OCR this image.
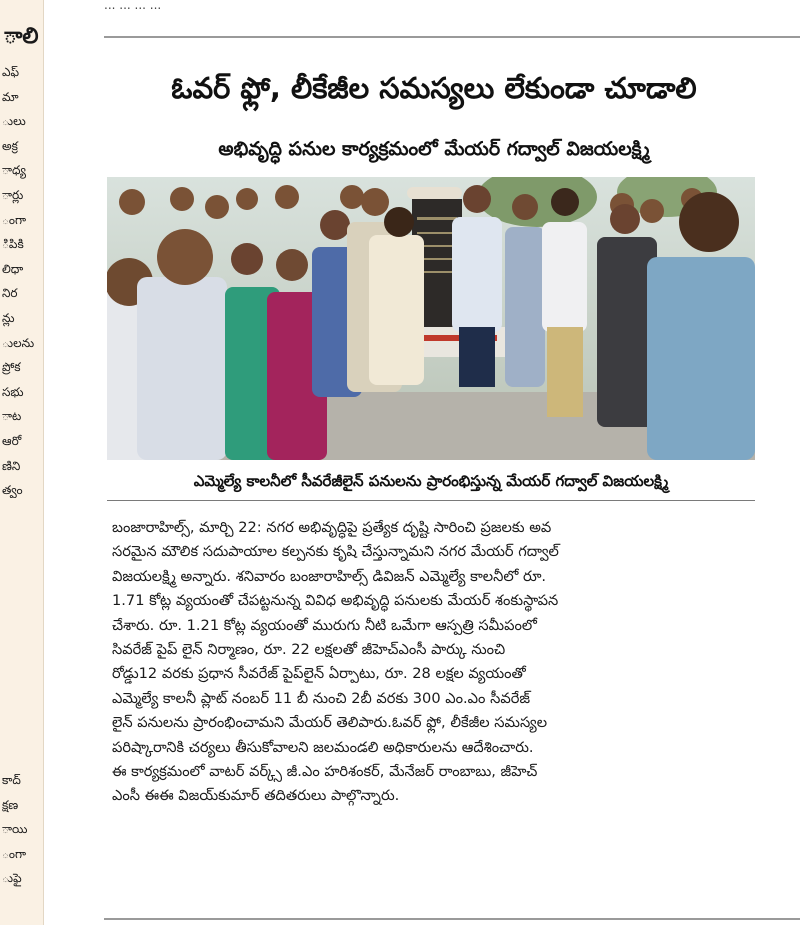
ాలి
ఎఫ్
మా
ులు
అక్ర
ాధ్య
ార్లు
ంగా
ిపికి
లిధా
నిర
న్లు
ులను
ప్రోక
సభు
ాట
ఆరో
ణిని
త్వం
కాద్
క్షణ
ాయి
ంగా
ుఫై
... ... ... ...
ఓవర్ ఫ్లో, లీకేజీల సమస్యలు లేకుండా చూడాలి
అభివృద్ధి పనుల కార్యక్రమంలో మేయర్ గద్వాల్ విజయలక్ష్మి
ఎమ్మెల్యే కాలనీలో సీవరేజీలైన్ పనులను ప్రారంభిస్తున్న మేయర్ గద్వాల్ విజయలక్ష్మి
బంజారాహిల్స్, మార్చి 22: నగర అభివృద్ధిపై ప్రత్యేక దృష్టి సారించి ప్రజలకు అవ
సరమైన మౌలిక సదుపాయాల కల్పనకు కృషి చేస్తున్నామని నగర మేయర్ గద్వాల్
విజయలక్ష్మి అన్నారు. శనివారం బంజారాహిల్స్ డివిజన్ ఎమ్మెల్యే కాలనీలో రూ.
1.71 కోట్ల వ్యయంతో చేపట్టనున్న వివిధ అభివృద్ధి పనులకు మేయర్ శంకుస్థాపన
చేశారు. రూ. 1.21 కోట్ల వ్యయంతో మురుగు నీటి ఒమేగా ఆస్పత్రి సమీపంలో
సివరేజ్ పైప్ లైన్ నిర్మాణం, రూ. 22 లక్షలతో జీహెచ్ఎంసీ పార్కు నుంచి
రోడ్డు12 వరకు ప్రధాన సీవరేజ్ పైప్‌లైన్ ఏర్పాటు, రూ. 28 లక్షల వ్యయంతో
ఎమ్మెల్యే కాలనీ ప్లాట్ నంబర్ 11 బీ నుంచి 2బీ వరకు 300 ఎం.ఎం సీవరేజ్
లైన్ పనులను ప్రారంభించామని మేయర్ తెలిపారు.ఓవర్ ఫ్లో, లీకేజీల సమస్యల
పరిష్కారానికి చర్యలు తీసుకోవాలని జలమండలి అధికారులను ఆదేశించారు.
ఈ కార్యక్రమంలో వాటర్ వర్క్స్ జీ.ఎం హరిశంకర్, మేనేజర్ రాంబాబు, జీహెచ్
ఎంసీ ఈఈ విజయ్‌కుమార్ తదితరులు పాల్గొన్నారు.
